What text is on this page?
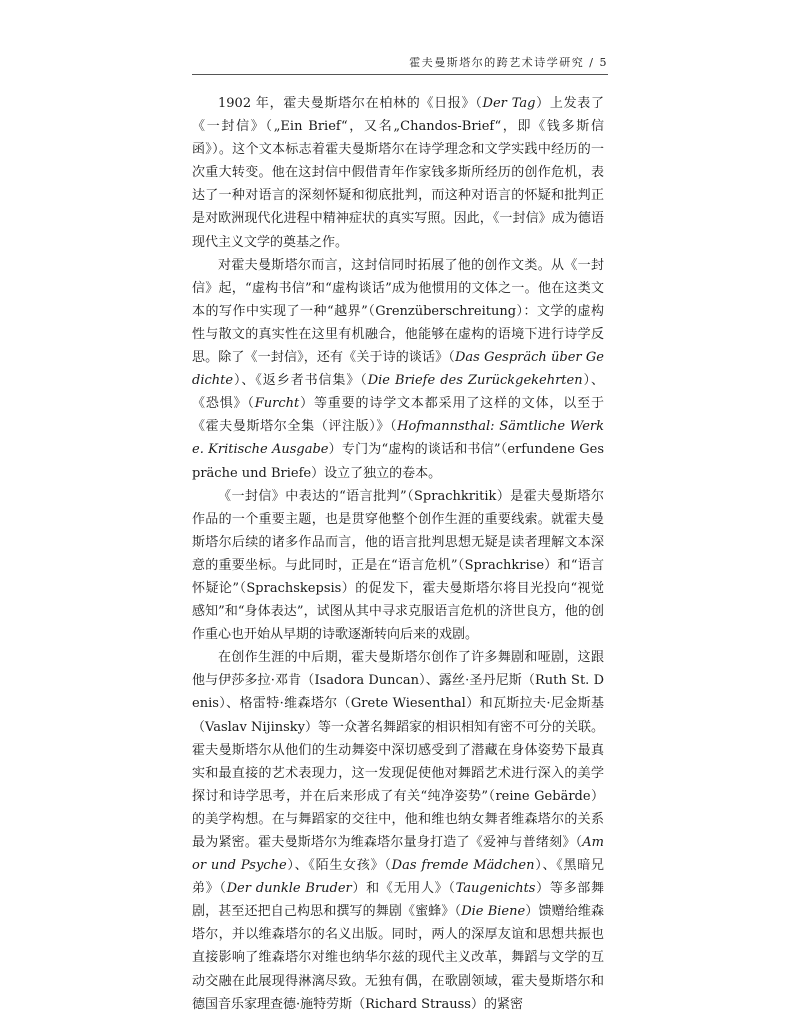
霍夫曼斯塔尔的跨艺术诗学研究 / 5

1902 年，霍夫曼斯塔尔在柏林的《日报》（Der Tag）上发表了《一封信》（„Ein Brief“，又名„Chandos-Brief“，即《钱多斯信函》）。这个文本标志着霍夫曼斯塔尔在诗学理念和文学实践中经历的一次重大转变。他在这封信中假借青年作家钱多斯所经历的创作危机，表达了一种对语言的深刻怀疑和彻底批判，而这种对语言的怀疑和批判正是对欧洲现代化进程中精神症状的真实写照。因此，《一封信》成为德语现代主义文学的奠基之作。

对霍夫曼斯塔尔而言，这封信同时拓展了他的创作文类。从《一封信》起，“虚构书信”和“虚构谈话”成为他惯用的文体之一。他在这类文本的写作中实现了一种“越界”（Grenzüberschreitung）：文学的虚构性与散文的真实性在这里有机融合，他能够在虚构的语境下进行诗学反思。除了《一封信》，还有《关于诗的谈话》（Das Gespräch über Gedichte）、《返乡者书信集》（Die Briefe des Zurückgekehrten）、《恐惧》（Furcht）等重要的诗学文本都采用了这样的文体，以至于《霍夫曼斯塔尔全集（评注版）》（Hofmannsthal: Sämtliche Werke. Kritische Ausgabe）专门为“虚构的谈话和书信”（erfundene Gespräche und Briefe）设立了独立的卷本。

《一封信》中表达的“语言批判”（Sprachkritik）是霍夫曼斯塔尔作品的一个重要主题，也是贯穿他整个创作生涯的重要线索。就霍夫曼斯塔尔后续的诸多作品而言，他的语言批判思想无疑是读者理解文本深意的重要坐标。与此同时，正是在“语言危机”（Sprachkrise）和“语言怀疑论”（Sprachskepsis）的促发下，霍夫曼斯塔尔将目光投向“视觉感知”和“身体表达”，试图从其中寻求克服语言危机的济世良方，他的创作重心也开始从早期的诗歌逐渐转向后来的戏剧。

在创作生涯的中后期，霍夫曼斯塔尔创作了许多舞剧和哑剧，这跟他与伊莎多拉·邓肯（Isadora Duncan）、露丝·圣丹尼斯（Ruth St. Denis）、格雷特·维森塔尔（Grete Wiesenthal）和瓦斯拉夫·尼金斯基（Vaslav Nijinsky）等一众著名舞蹈家的相识相知有密不可分的关联。霍夫曼斯塔尔从他们的生动舞姿中深切感受到了潜藏在身体姿势下最真实和最直接的艺术表现力，这一发现促使他对舞蹈艺术进行深入的美学探讨和诗学思考，并在后来形成了有关“纯净姿势”（reine Gebärde）的美学构想。在与舞蹈家的交往中，他和维也纳女舞者维森塔尔的关系最为紧密。霍夫曼斯塔尔为维森塔尔量身打造了《爱神与普绪刻》（Amor und Psyche）、《陌生女孩》（Das fremde Mädchen）、《黑暗兄弟》（Der dunkle Bruder）和《无用人》（Taugenichts）等多部舞剧，甚至还把自己构思和撰写的舞剧《蜜蜂》（Die Biene）馈赠给维森塔尔，并以维森塔尔的名义出版。同时，两人的深厚友谊和思想共振也直接影响了维森塔尔对维也纳华尔兹的现代主义改革，舞蹈与文学的互动交融在此展现得淋漓尽致。无独有偶，在歌剧领域，霍夫曼斯塔尔和德国音乐家理查德·施特劳斯（Richard Strauss）的紧密
